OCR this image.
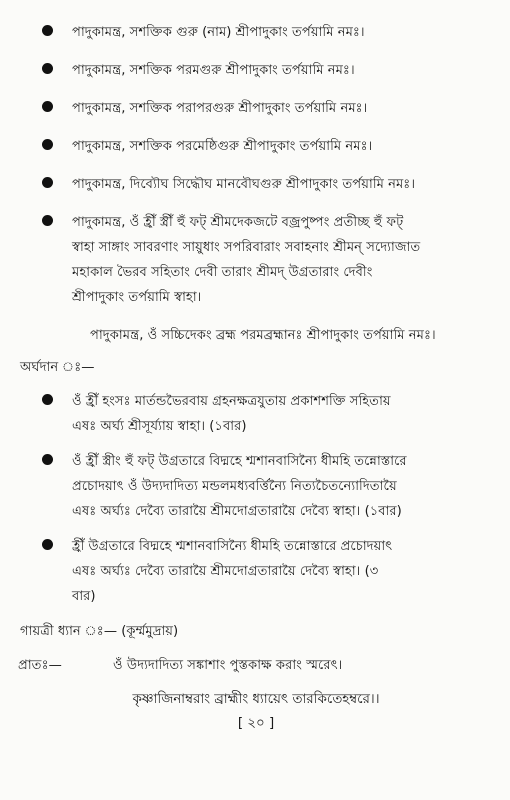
পাদুকামন্ত্র, সশক্তিক গুরু (নাম) শ্রীপাদুকাং তর্পয়ামি নমঃ।
পাদুকামন্ত্র, সশক্তিক পরমগুরু শ্রীপাদুকাং তর্পয়ামি নমঃ।
পাদুকামন্ত্র, সশক্তিক পরাপরগুরু শ্রীপাদুকাং তর্পয়ামি নমঃ।
পাদুকামন্ত্র, সশক্তিক পরমেষ্ঠিগুরু শ্রীপাদুকাং তর্পয়ামি নমঃ।
পাদুকামন্ত্র, দিব্যৌঘ সিদ্ধৌঘ মানবৌঘগুরু শ্রীপাদুকাং তর্পয়ামি নমঃ।
পাদুকামন্ত্র, ওঁ হ্রীঁ স্ত্রীঁ হুঁ ফট্ শ্রীমদেকজটে বজ্রপুষ্পং প্রতীচ্ছ হুঁ ফট্
স্বাহা সাঙ্গাং সাবরণাং সায়ুধাং সপরিবারাং সবাহনাং শ্রীমন্ সদ্যোজাত
মহাকাল ভৈরব সহিতাং দেবী তারাং শ্রীমদ্ উগ্রতারাং দেবীং
শ্রীপাদুকাং তর্পয়ামি স্বাহা।
পাদুকামন্ত্র, ওঁ সচ্চিদেকং ব্রহ্ম পরমব্রহ্মানঃ শ্রীপাদুকাং তর্পয়ামি নমঃ।
অর্ঘদান ঃ—
ওঁ হ্রীঁ হংসঃ মার্তন্ডভৈরবায় গ্রহনক্ষত্রযুতায় প্রকাশশক্তি সহিতায়
এষঃ অর্ঘ্য শ্রীসূর্য্যায় স্বাহা। (১বার)
ওঁ হ্রীঁ স্ত্রীং হুঁ ফট্ উগ্রতারে বিদ্মহে শ্মশানবাসিন্যৈ ধীমহি তন্নোস্তারে
প্রচোদয়াৎ ওঁ উদ্যদাদিত্য মন্ডলমধ্যবর্ত্তিন্যৈ নিত্যচৈতন্যোদিতায়ৈ
এষঃ অর্ঘ্যঃ দেব্যৈ তারায়ৈ শ্রীমদোগ্রতারায়ৈ দেব্যৈ স্বাহা। (১বার)
হ্রীঁ উগ্রতারে বিদ্মহে শ্মশানবাসিন্যৈ ধীমহি তন্নোস্তারে প্রচোদয়াৎ
এষঃ অর্ঘ্যঃ দেব্যৈ তারায়ৈ শ্রীমদোগ্রতারায়ৈ দেব্যৈ স্বাহা। (৩
বার)
গায়ত্রী ধ্যান ঃ— (কূর্ম্মমুদ্রায়)
প্রাতঃ—	ওঁ উদ্যদাদিত্য সঙ্কাশাং পুস্তকাক্ষ করাং স্মরেৎ।
কৃষ্ণাজিনাম্বরাং ব্রাহ্মীং ধ্যায়েৎ তারকিতেহম্বরে।।
[ ২০ ]
